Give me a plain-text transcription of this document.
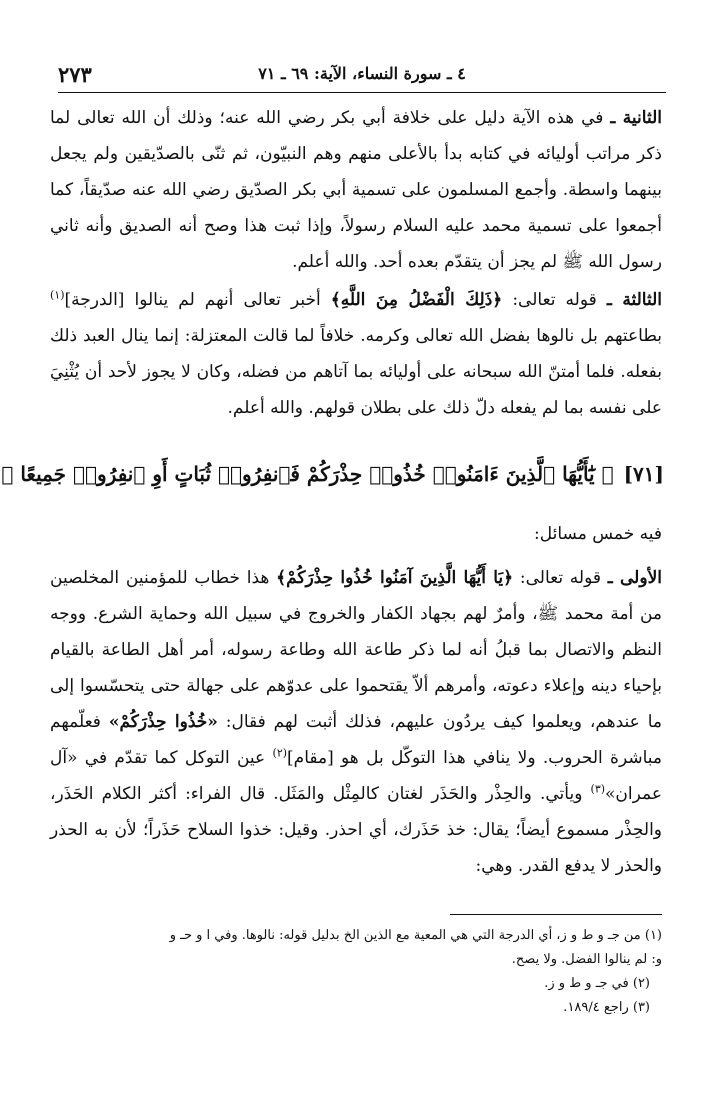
٢٧٣	٤ ـ سورة النساء، الآية: ٦٩ ـ ٧١
الثانية ـ في هذه الآية دليل على خلافة أبي بكر رضي الله عنه؛ وذلك أن الله تعالى لما ذكر مراتب أوليائه في كتابه بدأ بالأعلى منهم وهم النبيّون، ثم ثنّى بالصدّيقين ولم يجعل بينهما واسطة. وأجمع المسلمون على تسمية أبي بكر الصدّيق رضي الله عنه صدّيقاً، كما أجمعوا على تسمية محمد عليه السلام رسولاً، وإذا ثبت هذا وصح أنه الصديق وأنه ثاني رسول الله ﷺ لم يجز أن يتقدّم بعده أحد. والله أعلم.
الثالثة ـ قوله تعالى: ﴿ذَلِكَ الْفَضْلُ مِنَ اللَّهِ﴾ أخبر تعالى أنهم لم ينالوا [الدرجة]$^{(١)}$ بطاعتهم بل نالوها بفضل الله تعالى وكرمه. خلافاً لما قالت المعتزلة: إنما ينال العبد ذلك بفعله. فلما أمتنّ الله سبحانه على أوليائه بما آتاهم من فضله، وكان لا يجوز لأحد أن يُثْنِيَ على نفسه بما لم يفعله دلّ ذلك على بطلان قولهم. والله أعلم.
[٧١]﴿ يَٰٓأَيُّهَا ٱلَّذِينَ ءَامَنُوا۟ خُذُوا۟ حِذْرَكُمْ فَٱنفِرُوا۟ ثُبَاتٍ أَوِ ٱنفِرُوا۟ جَمِيعًا ﴿
فيه خمس مسائل:
الأولى ـ قوله تعالى: ﴿يَا أَيُّهَا الَّذِينَ آمَنُوا خُذُوا حِذْرَكُمْ﴾ هذا خطاب للمؤمنين المخلصين من أمة محمد ﷺ، وأمرٌ لهم بجهاد الكفار والخروج في سبيل الله وحماية الشرع. ووجه النظم والاتصال بما قبلُ أنه لما ذكر طاعة الله وطاعة رسوله، أمر أهل الطاعة بالقيام بإحياء دينه وإعلاء دعوته، وأمرهم ألاّ يقتحموا على عدوّهم على جهالة حتى يتحسّسوا إلى ما عندهم، ويعلموا كيف يردُون عليهم، فذلك أثبت لهم فقال: «خُذُوا حِذْرَكُمْ» فعلّمهم مباشرة الحروب. ولا ينافي هذا التوكّل بل هو [مقام]$^{(٢)}$ عين التوكل كما تقدّم في «آل عمران»$^{(٣)}$ ويأتي. والحِذْر والحَذَر لغتان كالمِثْل والمَثَل. قال الفراء: أكثر الكلام الحَذَر، والحِذْر مسموع أيضاً؛ يقال: خذ حَذَرك، أي احذر. وقيل: خذوا السلاح حَذَراً؛ لأن به الحذر والحذر لا يدفع القدر. وهي:

(١) من جـ و ط و ز، أي الدرجة التي هي المعية مع الذين الخ بدليل قوله: نالوها. وفي ا و حـ و

و: لم ينالوا الفضل. ولا يصح.

(٢) في جـ و ط و ز.

(٣) راجع ١٨٩/٤.
